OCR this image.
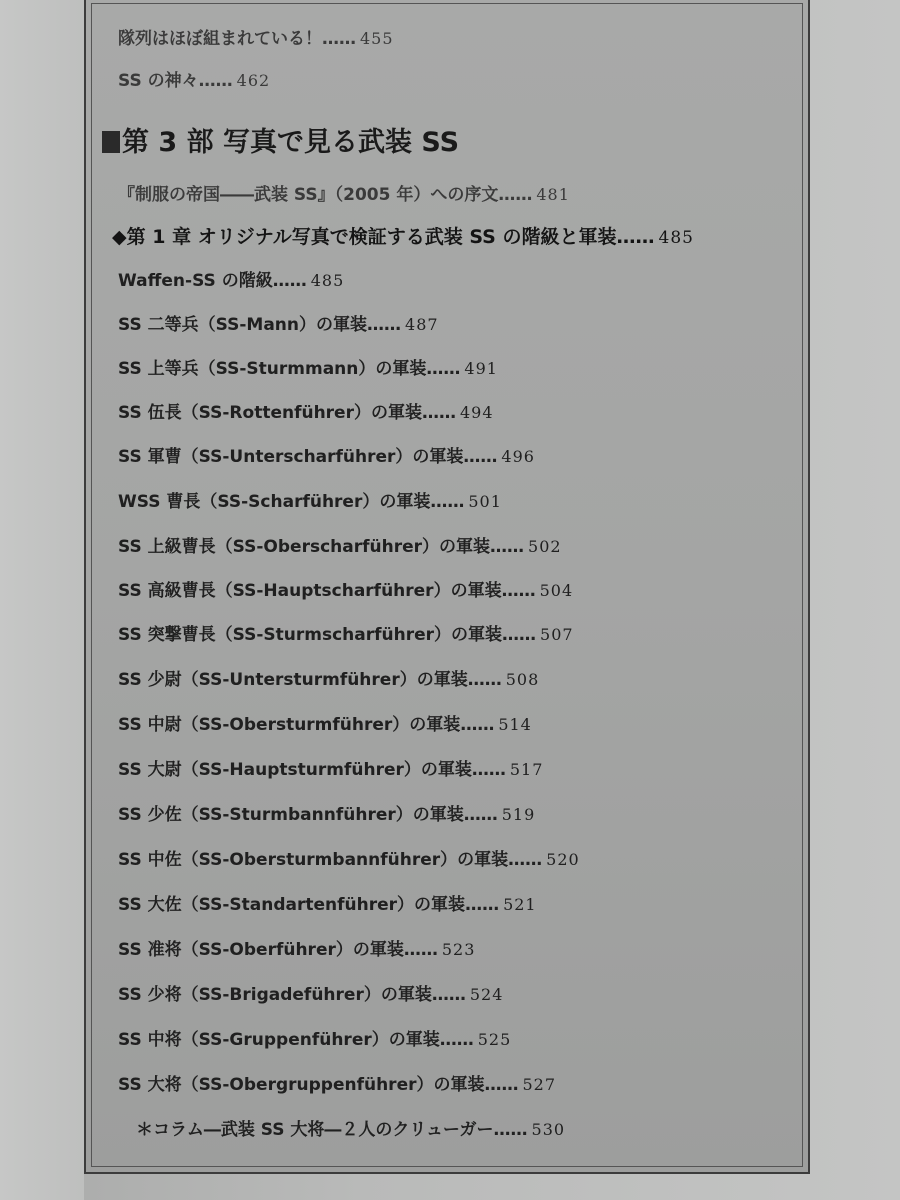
隊列はほぼ組まれている！…… 455
SS の神々…… 462
第 3 部 写真で見る武装 SS
『制服の帝国――武装 SS』（2005 年）への序文…… 481
◆第 1 章 オリジナル写真で検証する武装 SS の階級と軍装…… 485
Waffen-SS の階級…… 485
SS 二等兵（SS-Mann）の軍装…… 487
SS 上等兵（SS-Sturmmann）の軍装…… 491
SS 伍長（SS-Rottenführer）の軍装…… 494
SS 軍曹（SS-Unterscharführer）の軍装…… 496
WSS 曹長（SS-Scharführer）の軍装…… 501
SS 上級曹長（SS-Oberscharführer）の軍装…… 502
SS 高級曹長（SS-Hauptscharführer）の軍装…… 504
SS 突撃曹長（SS-Sturmscharführer）の軍装…… 507
SS 少尉（SS-Untersturmführer）の軍装…… 508
SS 中尉（SS-Obersturmführer）の軍装…… 514
SS 大尉（SS-Hauptsturmführer）の軍装…… 517
SS 少佐（SS-Sturmbannführer）の軍装…… 519
SS 中佐（SS-Obersturmbannführer）の軍装…… 520
SS 大佐（SS-Standartenführer）の軍装…… 521
SS 准将（SS-Oberführer）の軍装…… 523
SS 少将（SS-Brigadeführer）の軍装…… 524
SS 中将（SS-Gruppenführer）の軍装…… 525
SS 大将（SS-Obergruppenführer）の軍装…… 527
＊コラム―武装 SS 大将―２人のクリューガー…… 530
